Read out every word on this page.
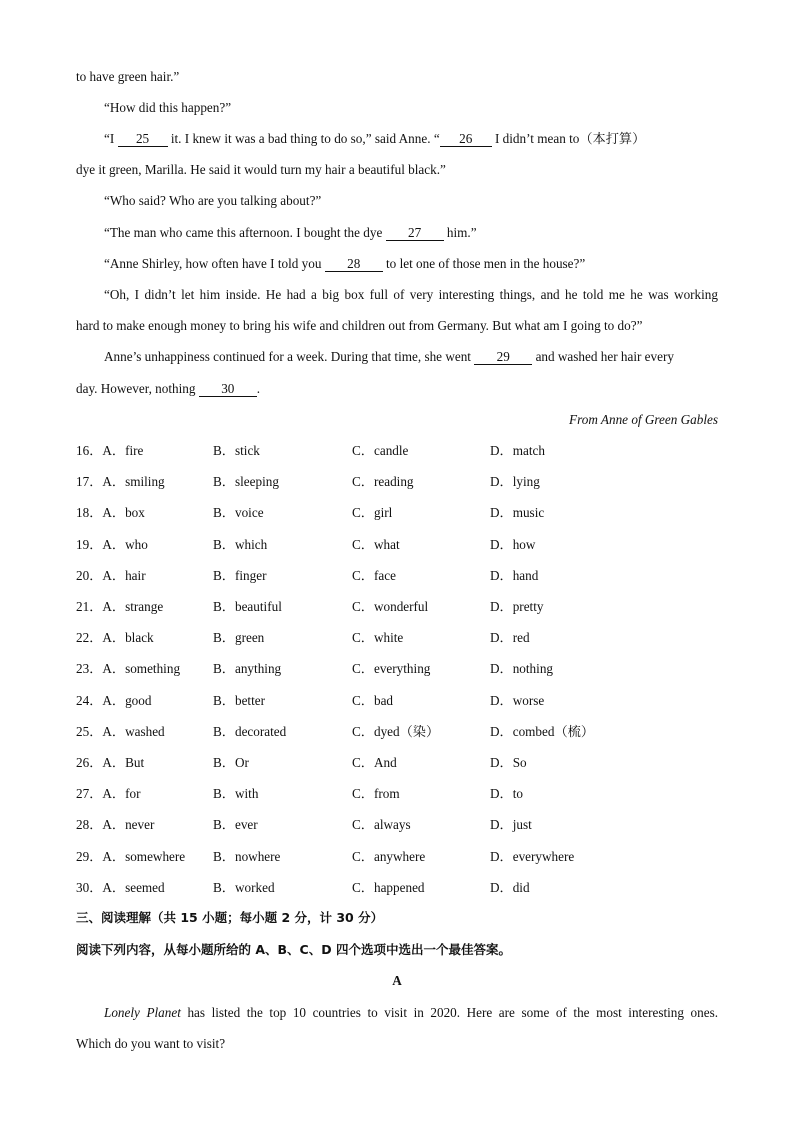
to have green hair.”
“How did this happen?”
“I 25 it. I knew it was a bad thing to do so,” said Anne. “ 26 I didn’t mean to（本打算）
dye it green, Marilla. He said it would turn my hair a beautiful black.”
“Who said? Who are you talking about?”
“The man who came this afternoon. I bought the dye 27 him.”
“Anne Shirley, how often have I told you 28 to let one of those men in the house?”
“Oh, I didn’t let him inside. He had a big box full of very interesting things, and he told me he was working
hard to make enough money to bring his wife and children out from Germany. But what am I going to do?”
Anne’s unhappiness continued for a week. During that time, she went 29 and washed her hair every
day. However, nothing 30 .
From Anne of Green Gables
16．A．fire	B．stick	C．candle	D．match
17．A．smiling	B．sleeping	C．reading	D．lying
18．A．box	B．voice	C．girl	D．music
19．A．who	B．which	C．what	D．how
20．A．hair	B．finger	C．face	D．hand
21．A．strange	B．beautiful	C．wonderful	D．pretty
22．A．black	B．green	C．white	D．red
23．A．something B．anything	C．everything	D．nothing
24．A．good	B．better	C．bad	D．worse
25．A．washed	B．decorated	C．dyed（染）	D．combed（梳）
26．A．But	B．Or	C．And	D．So
27．A．for	B．with	C．from	D．to
28．A．never	B．ever	C．always	D．just
29．A．somewhere B．nowhere	C．anywhere	D．everywhere
30．A．seemed	B．worked	C．happened	D．did
三、阅读理解（共 15 小题；每小题 2 分，计 30 分）
阅读下列内容，从每小题所给的 A、B、C、D 四个选项中选出一个最佳答案。
A
Lonely Planet has listed the top 10 countries to visit in 2020. Here are some of the most interesting ones.
Which do you want to visit?
